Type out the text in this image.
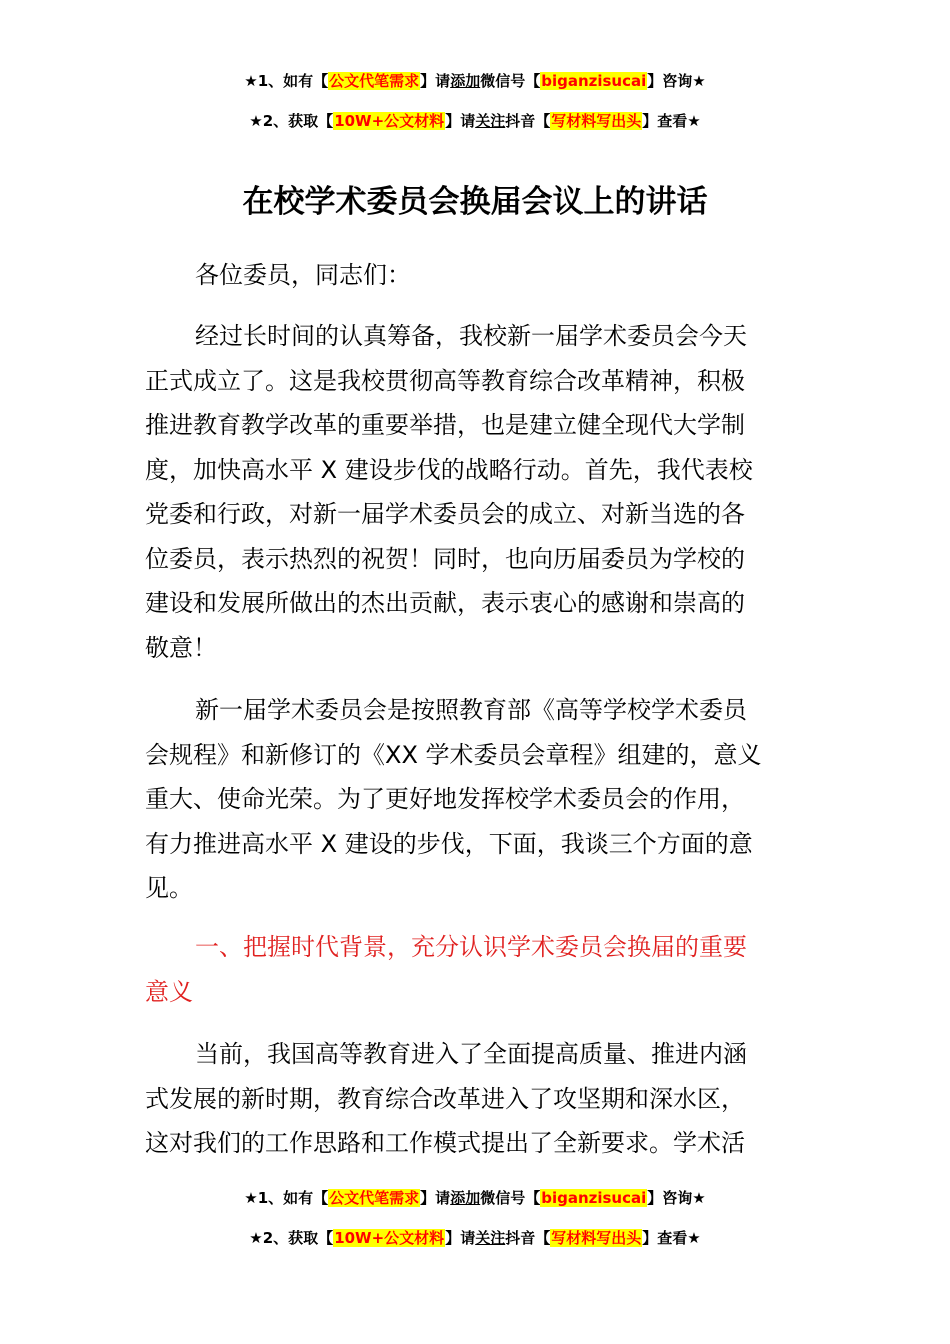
★1、如有【公文代笔需求】请添加微信号【biganzisucai】咨询★
★2、获取【10W+公文材料】请关注抖音【写材料写出头】查看★
在校学术委员会换届会议上的讲话
各位委员，同志们：
经过长时间的认真筹备，我校新一届学术委员会今天
正式成立了。这是我校贯彻高等教育综合改革精神，积极
推进教育教学改革的重要举措，也是建立健全现代大学制
度，加快高水平 X 建设步伐的战略行动。首先，我代表校
党委和行政，对新一届学术委员会的成立、对新当选的各
位委员，表示热烈的祝贺！同时，也向历届委员为学校的
建设和发展所做出的杰出贡献，表示衷心的感谢和崇高的
敬意！
新一届学术委员会是按照教育部《高等学校学术委员
会规程》和新修订的《XX 学术委员会章程》组建的，意义
重大、使命光荣。为了更好地发挥校学术委员会的作用，
有力推进高水平 X 建设的步伐，下面，我谈三个方面的意
见。
一、把握时代背景，充分认识学术委员会换届的重要
意义
当前，我国高等教育进入了全面提高质量、推进内涵
式发展的新时期，教育综合改革进入了攻坚期和深水区，
这对我们的工作思路和工作模式提出了全新要求。学术活
★1、如有【公文代笔需求】请添加微信号【biganzisucai】咨询★
★2、获取【10W+公文材料】请关注抖音【写材料写出头】查看★
